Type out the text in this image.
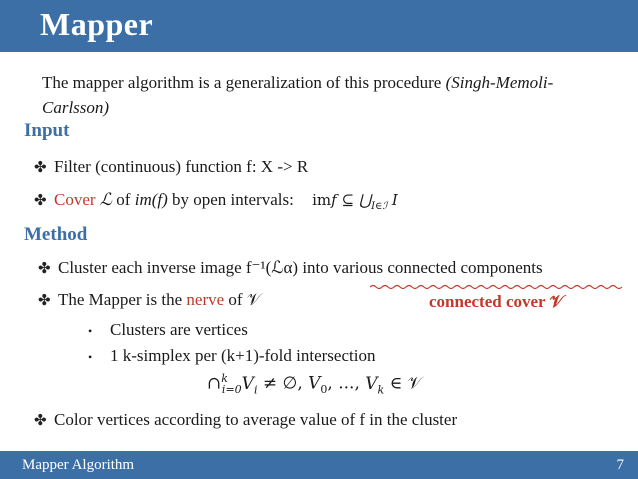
Mapper
The mapper algorithm is a generalization of this procedure (Singh-Memoli-Carlsson)
Input
✤ Filter (continuous) function f: X -> R
✤ Cover ℒ of im(f) by open intervals: imf ⊆ $⋃_{I\in ℐ}$ I
Method
✤ Cluster each inverse image f⁻¹(ℒα) into various connected components
✤ The Mapper is the nerve of 𝒱	connected cover 𝒱
• Clusters are vertices
• 1 k-simplex per (k+1)-fold intersection
$\cap^k_{i=0}V_i$ ≠ ∅, $V_0$, ..., $V_k$ ∈ 𝒱
✤ Color vertices according to average value of f in the cluster
Mapper Algorithm	7
